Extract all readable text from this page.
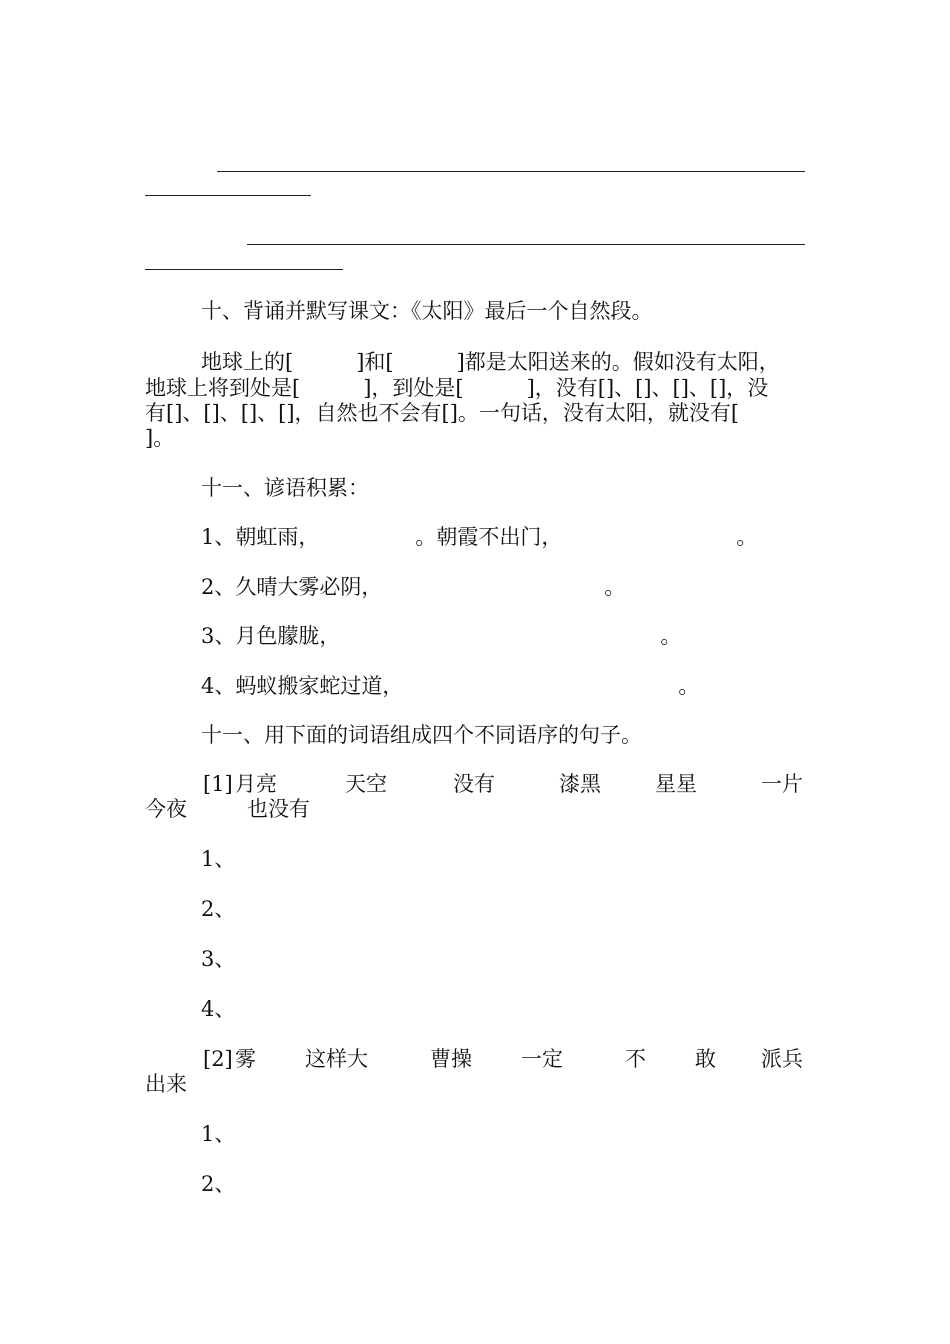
十、背诵并默写课文：《太阳》最后一个自然段。
地球上的[　　　]和[　　　]都是太阳送来的。假如没有太阳，
地球上将到处是[　　　]，到处是[　　　]，没有[]、[]、[]、[]，没
有[]、[]、[]、[]，自然也不会有[]。一句话，没有太阳，就没有[
]。
十一、谚语积累：
1、朝虹雨，	。朝霞不出门，	。
2、久晴大雾必阴，	。
3、月色朦胧，	。
4、蚂蚁搬家蛇过道，	。
十一、用下面的词语组成四个不同语序的句子。
[1] 月亮	天空	没有	漆黑	星星	一片
今夜	也没有
1、
2、
3、
4、
[2] 雾 这样大	曹操 一定	不 敢 派兵
出来
1、
2、
